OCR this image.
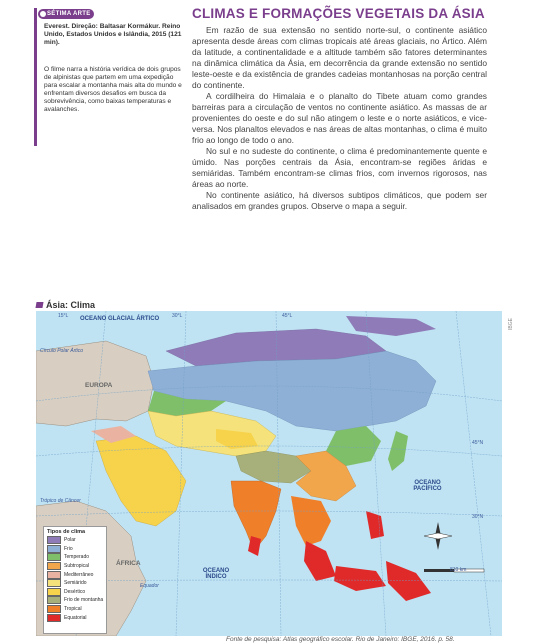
SÉTIMA ARTE
Everest. Direção: Baltasar Kormákur. Reino Unido, Estados Unidos e Islândia, 2015 (121 min).
O filme narra a história verídica de dois grupos de alpinistas que partem em uma expedição para escalar a montanha mais alta do mundo e enfrentam diversos desafios em busca da sobrevivência, como baixas temperaturas e avalanches.
CLIMAS E FORMAÇÕES VEGETAIS DA ÁSIA

Em razão de sua extensão no sentido norte-sul, o continente asiático apresenta desde áreas com climas tropicais até áreas glaciais, no Ártico. Além da latitude, a continentalidade e a altitude também são fatores determinantes na dinâmica climática da Ásia, em decorrência da grande extensão no sentido leste-oeste e da existência de grandes cadeias montanhosas na porção central do continente.

A cordilheira do Himalaia e o planalto do Tibete atuam como grandes barreiras para a circulação de ventos no continente asiático. As massas de ar provenientes do oeste e do sul não atingem o leste e o norte asiáticos, e vice-versa. Nos planaltos elevados e nas áreas de altas montanhas, o clima é muito frio ao longo de todo o ano.

No sul e no sudeste do continente, o clima é predominantemente quente e úmido. Nas porções centrais da Ásia, encontram-se regiões áridas e semiáridas. Também encontram-se climas frios, com invernos rigorosos, nas áreas ao norte.

No continente asiático, há diversos subtipos climáticos, que podem ser analisados em grandes grupos. Observe o mapa a seguir.

Ásia: Clima
OCEANO GLACIAL ÁRTICO
Círculo Polar Ártico
EUROPA
ÁFRICA
OCEANO ÍNDICO
OCEANO PACÍFICO
Trópico de Câncer
Equador
15°L	30°L	45°L
45°N
30°N
810 km
IBGE
Tipos de clima
Polar
Frio
Temperado
Subtropical
Mediterrâneo
Semiárido
Desértico
Frio de montanha
Tropical
Equatorial
Fonte de pesquisa: Atlas geográfico escolar. Rio de Janeiro: IBGE, 2016. p. 58.
